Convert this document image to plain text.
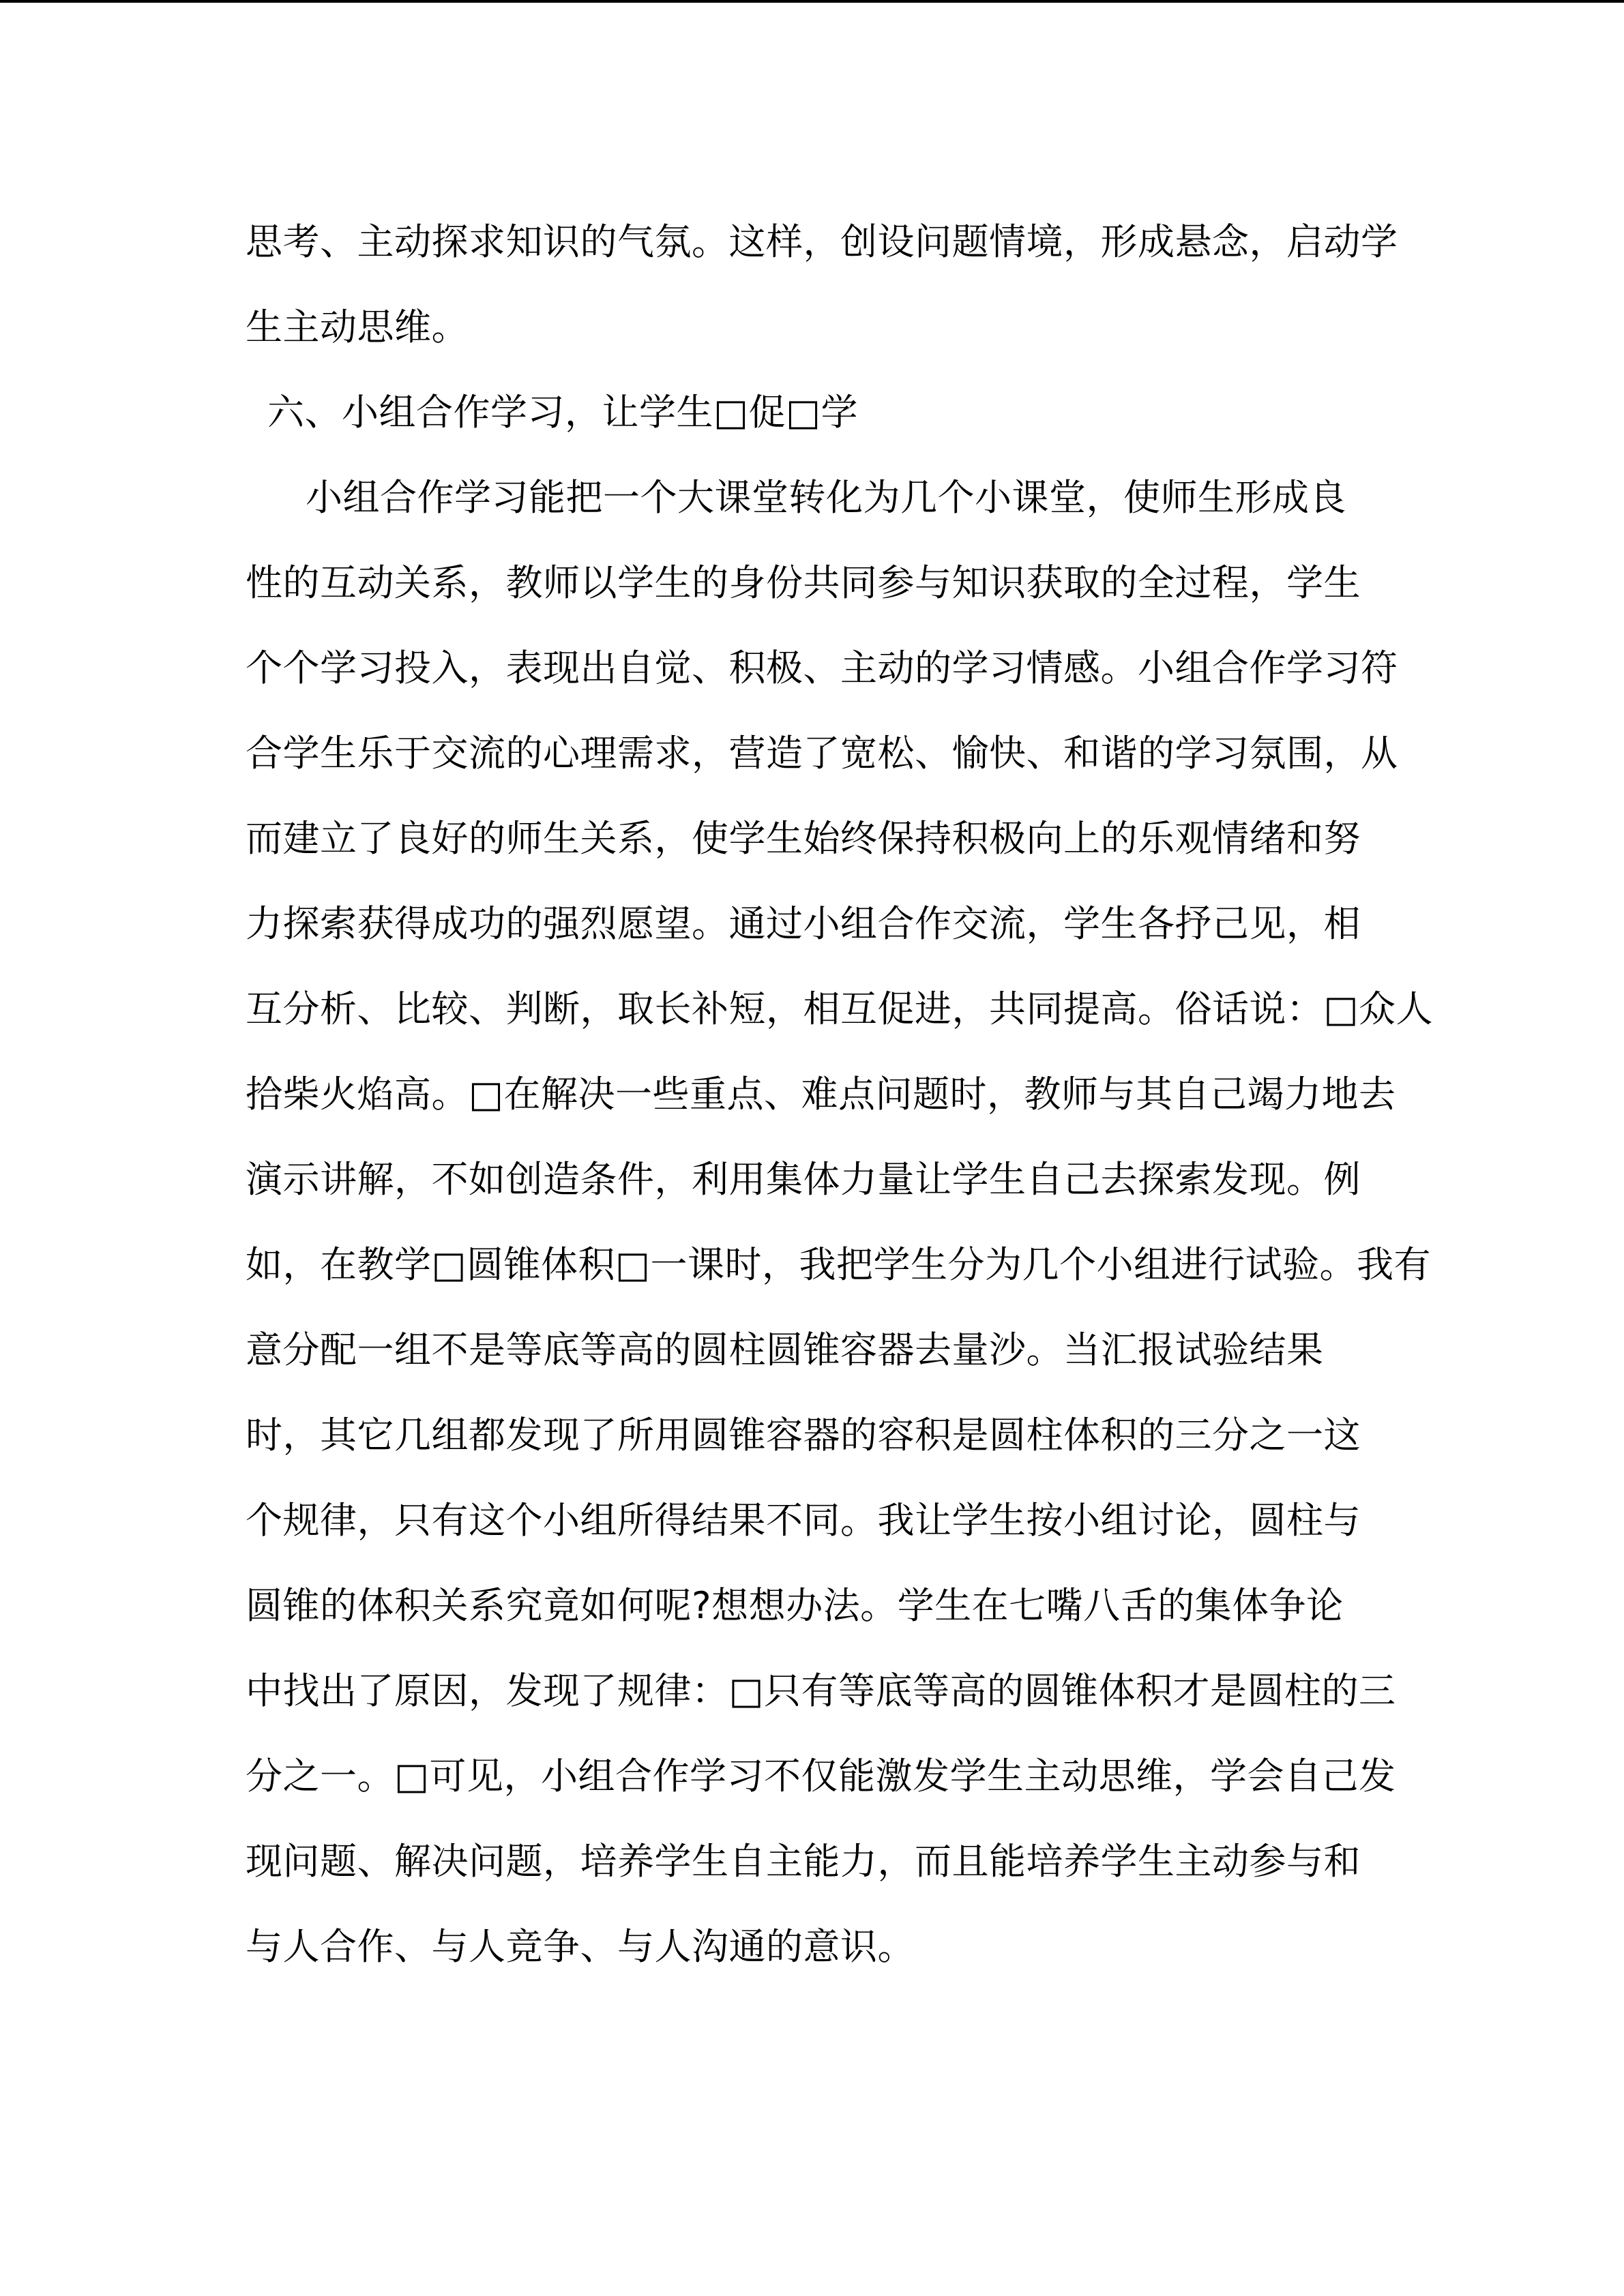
思考、主动探求知识的气氛。这样，创设问题情境，形成悬念，启动学
生主动思维。
六、小组合作学习，让学生□促□学
小组合作学习能把一个大课堂转化为几个小课堂，使师生形成良
性的互动关系，教师以学生的身份共同参与知识获取的全过程，学生
个个学习投入，表现出自觉、积极、主动的学习情感。小组合作学习符
合学生乐于交流的心理需求，营造了宽松、愉快、和谐的学习氛围，从
而建立了良好的师生关系，使学生始终保持积极向上的乐观情绪和努
力探索获得成功的强烈愿望。通过小组合作交流，学生各抒己见，相
互分析、比较、判断，取长补短，相互促进，共同提高。俗话说：□众人
拾柴火焰高。□在解决一些重点、难点问题时，教师与其自己竭力地去
演示讲解，不如创造条件，利用集体力量让学生自己去探索发现。例
如，在教学□圆锥体积□一课时，我把学生分为几个小组进行试验。我有
意分配一组不是等底等高的圆柱圆锥容器去量沙。当汇报试验结果
时，其它几组都发现了所用圆锥容器的容积是圆柱体积的三分之一这
个规律，只有这个小组所得结果不同。我让学生按小组讨论，圆柱与
圆锥的体积关系究竟如何呢?想想办法。学生在七嘴八舌的集体争论
中找出了原因，发现了规律：□只有等底等高的圆锥体积才是圆柱的三
分之一。□可见，小组合作学习不仅能激发学生主动思维，学会自己发
现问题、解决问题，培养学生自主能力，而且能培养学生主动参与和
与人合作、与人竞争、与人沟通的意识。
